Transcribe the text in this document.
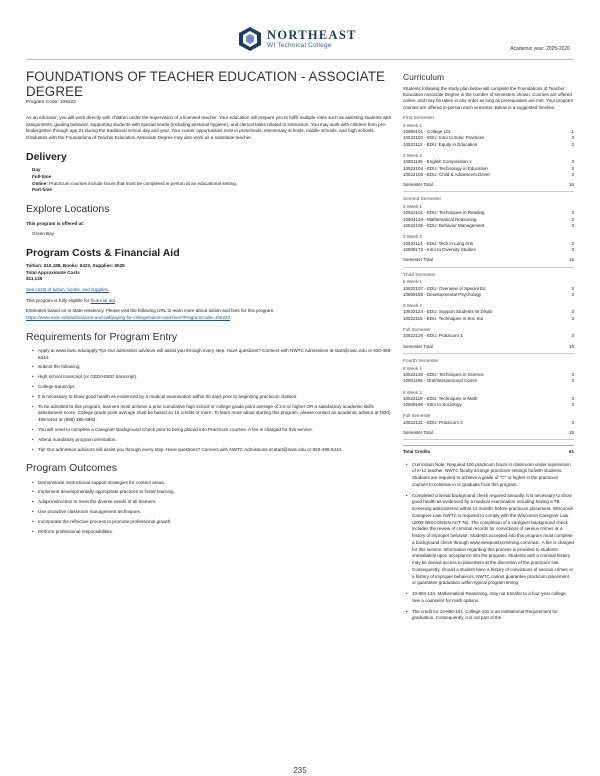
NORTHEAST
WI Technical College	Academic year: 2025-2026
FOUNDATIONS OF TEACHER EDUCATION - ASSOCIATE DEGREE
Program Code: 105222

As an educator, you will work directly with children under the supervision of a licensed teacher. Your education will prepare you to fulfill multiple roles such as assisting students with assignments, guiding behavior, supporting students with special needs (including personal hygiene), and clerical tasks related to instruction. You may work with children from pre-kindergarten through age 21 during the traditional school day and year. Your career opportunities exist in preschools, elementary schools, middle schools, and high schools. Graduates with the Foundations of Teacher Education Associate Degree may also work as a substitute teacher.

Delivery
Day
Full-time
Online: Practicum courses include hours that must be completed in person at an educational setting.
Part-time
Explore Locations
This program is offered at:
Green Bay
Program Costs & Financial Aid
Tuition: $10,188, Books: $422, Supplies: $525
Total Approximate Costs
$11,135
See costs of tuition, books, and supplies.
This program is fully eligible for financial aid.
Estimates based on in-state residency. Please visit the following URL to learn more about tuition and fees for this program.
https://www.nwtc.edu/admissions-and-aid/paying-for-college/tuition-and-fees?ProgramCode=105222
Requirements for Program Entry
• Apply at www.nwtc.edu/apply Tip! Our admission advisors will assist you through every step. Have questions? Connect with NWTC Admissions at start@nwtc.edu or 920-498-5444.
• Submit the following:
• High school transcript (or GED/HSED transcript).
• College transcript.
• It is necessary to show good health as evidenced by a medical examination within 90 days prior to beginning practicum classes.
• To be admitted to this program, learners must achieve a prior cumulative high school or college grade point average of 2.6 or higher OR a satisfactory academic skills assessment score. College grade point average must be based on 15 credits or more. To learn more about starting this program, please contact an academic advisor at (920) 498-5444 or (888) 385-6982.
• You will need to complete a Caregiver Background Check prior to being placed into Practicum courses. A fee is charged for this service.
• Attend mandatory program orientation.
• Tip! Our admission advisors will assist you through every step. Have questions? Connect with NWTC Admissions at start@nwtc.edu or 920-498-5444.
Program Outcomes
• Demonstrate instructional support strategies for content areas.
• Implement developmentally appropriate practices to foster learning.
• Adapt instruction to meet the diverse needs of all learners.
• Use proactive classroom management techniques.
• Incorporate the reflective process to promote professional growth.
• Perform professional responsibilities.
Curriculum

Students following the study plan below will complete the Foundations of Teacher Education Associate Degree in the number of semesters shown. Courses are offered online, and may be taken in any order as long as prerequisites are met. Your program courses are offered in-person each semester. Below is a suggested timeline.

First Semester
8 Week 1
10890101 - College 101	1
10522103 - EDU: Intro to Educ Practices	3
10522112 - EDU: Equity in Education	3
8 Week 2
10801136 - English Composition 1	3
10522104 - EDU: Technology in Education	3
10522106 - EDU: Child & Adolescent Devel	3
Semester Total	16
Second Semester
8 Week 1
10522102 - EDU: Techniques in Reading	3
10804134 - Mathematical Reasoning	3
10522105 - EDU: Behavior Management	3
8 Week 2
10522114 - EDU: Tech in Lang Arts	3
10809172 - Intro to Diversity Studies	3
Semester Total	15
Third Semester
8 Week 1
10522107 - EDU: Overview of Special Ed	3
10809188 - Developmental Psychology	3
8 Week 2
10522124 - EDU: Support Students W Disab	3
10522119 - EDU: Techniques in Soc Stu	3
Full Semester
10522129 - EDU: Practicum 1	3
Semester Total	15
Fourth Semester
8 Week 1
10522130 - EDU: Techniques in Science	3
10801196 - Oral/Interpersonal Comm	3
8 Week 2
10522118 - EDU: Techniques in Math	3
10809196 - Intro to Sociology	3
Full Semester
10522131 - EDU: Practicum 2	3
Semester Total	15
Total Credits	61
• Curriculum Note: Required 100 practicum hours in classroom under supervision of K-12 teacher. NWTC faculty arrange practicum settings for/with students. Students are required to achieve a grade of "C" or higher in the practicum courses to continue in or graduate from this program.
• Completed criminal background check required annually. It is necessary to show good health as evidenced by a medical examination including having a TB screening administered within 12 months before practicum placement. Wisconsin Caregiver Law. NWTC is required to comply with the Wisconsin Caregiver Law (2009 WISCONSIN ACT 76). The completion of a caregiver background check includes the review of criminal records for convictions of serious crimes or a history of improper behavior. Students accepted into this program must complete a background check through www.viewpointscreening.com/nwtc. A fee is charged for this service. Information regarding this process is provided to students immediately upon acceptance into the program. Students with a criminal history may be denied access to placement at the discretion of the practicum site. Consequently, should a student have a history of convictions of serious crimes or a history of improper behaviors, NWTC cannot guarantee practicum placement or guarantee graduation within typical program timing.
• 10-804-134, Mathematical Reasoning, may not transfer to a four-year college. See a counselor for math options.
• The credit for 10-890-101, College 101 is an Institutional Requirement for graduation. Consequently, it is not part of the
235
